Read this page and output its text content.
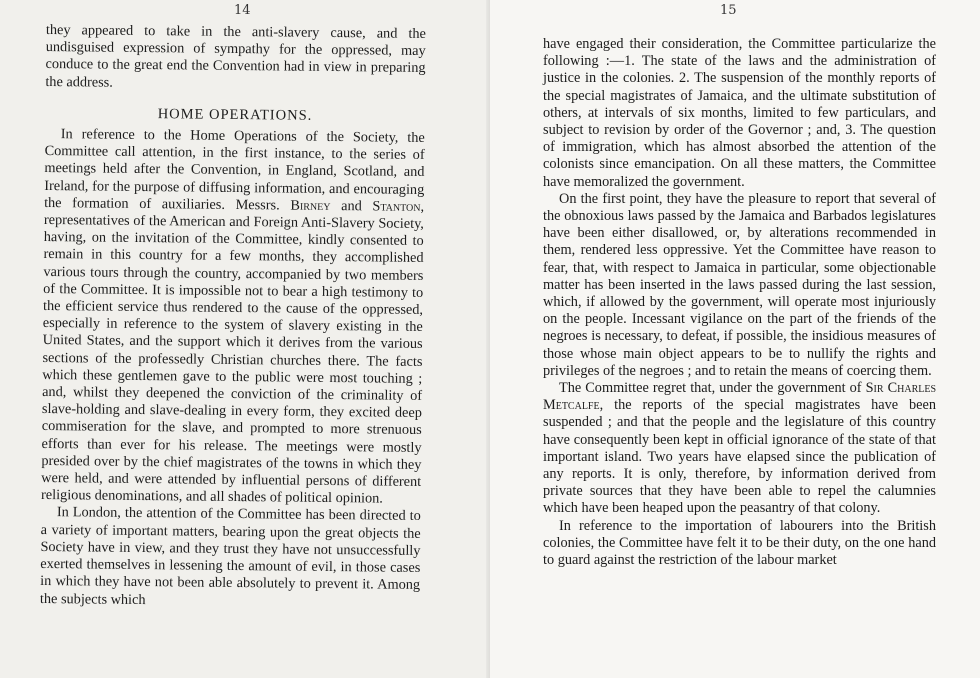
14

they appeared to take in the anti-slavery cause, and the undisguised expression of sympathy for the oppressed, may conduce to the great end the Convention had in view in preparing the address.

HOME OPERATIONS.

In reference to the Home Operations of the Society, the Committee call attention, in the first instance, to the series of meetings held after the Convention, in England, Scotland, and Ireland, for the purpose of diffusing information, and encouraging the formation of auxiliaries. Messrs. Birney and Stanton, representatives of the American and Foreign Anti-Slavery Society, having, on the invitation of the Committee, kindly consented to remain in this country for a few months, they accomplished various tours through the country, accompanied by two members of the Committee. It is impossible not to bear a high testimony to the efficient service thus rendered to the cause of the oppressed, especially in reference to the system of slavery existing in the United States, and the support which it derives from the various sections of the professedly Christian churches there. The facts which these gentlemen gave to the public were most touching ; and, whilst they deepened the conviction of the criminality of slave-holding and slave-dealing in every form, they excited deep commiseration for the slave, and prompted to more strenuous efforts than ever for his release. The meetings were mostly presided over by the chief magistrates of the towns in which they were held, and were attended by influential persons of different religious denominations, and all shades of political opinion.

In London, the attention of the Committee has been directed to a variety of important matters, bearing upon the great objects the Society have in view, and they trust they have not unsuccessfully exerted themselves in lessening the amount of evil, in those cases in which they have not been able absolutely to prevent it. Among the subjects which

15

have engaged their consideration, the Committee particularize the following :—1. The state of the laws and the administration of justice in the colonies. 2. The suspension of the monthly reports of the special magistrates of Jamaica, and the ultimate substitution of others, at intervals of six months, limited to few particulars, and subject to revision by order of the Governor ; and, 3. The question of immigration, which has almost absorbed the attention of the colonists since emancipation. On all these matters, the Committee have memoralized the government.

On the first point, they have the pleasure to report that several of the obnoxious laws passed by the Jamaica and Barbados legislatures have been either disallowed, or, by alterations recommended in them, rendered less oppressive. Yet the Committee have reason to fear, that, with respect to Jamaica in particular, some objectionable matter has been inserted in the laws passed during the last session, which, if allowed by the government, will operate most injuriously on the people. Incessant vigilance on the part of the friends of the negroes is necessary, to defeat, if possible, the insidious measures of those whose main object appears to be to nullify the rights and privileges of the negroes ; and to retain the means of coercing them.

The Committee regret that, under the government of Sir Charles Metcalfe, the reports of the special magistrates have been suspended ; and that the people and the legislature of this country have consequently been kept in official ignorance of the state of that important island. Two years have elapsed since the publication of any reports. It is only, therefore, by information derived from private sources that they have been able to repel the calumnies which have been heaped upon the peasantry of that colony.

In reference to the importation of labourers into the British colonies, the Committee have felt it to be their duty, on the one hand to guard against the restriction of the labour market
